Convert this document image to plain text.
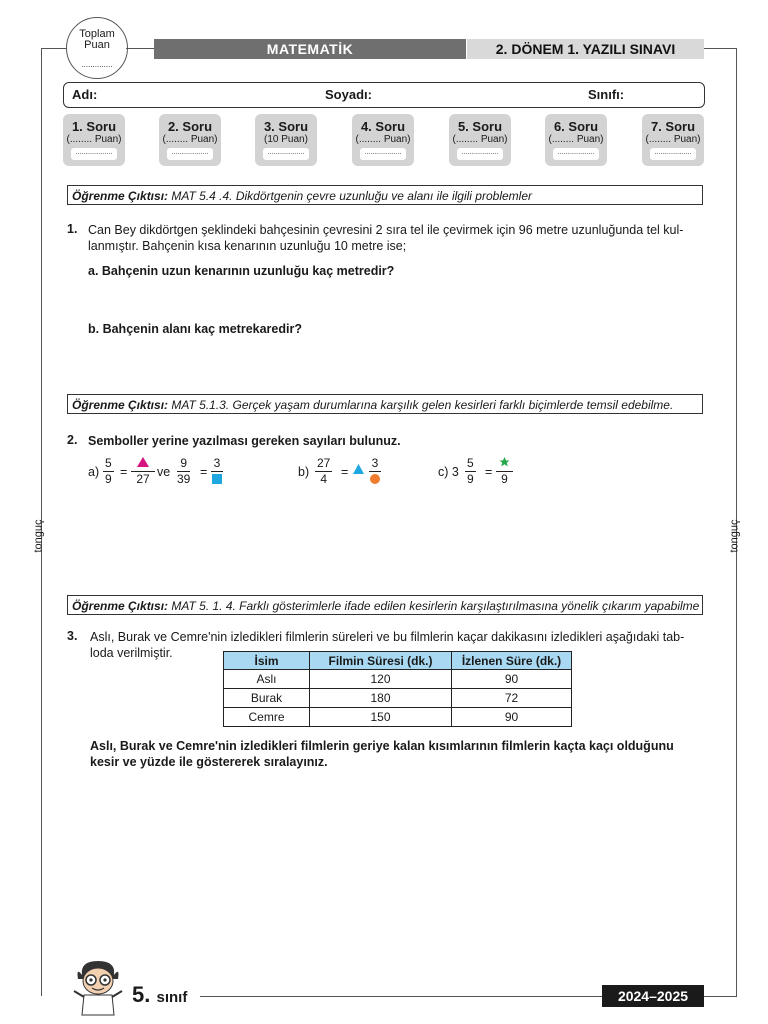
Toplam Puan
..............
MATEMATİK	2. DÖNEM 1. YAZILI SINAVI
Adı:	Soyadı:	Sınıfı:
1. Soru
(........ Puan)
...................
2. Soru
(........ Puan)
...................
3. Soru
(10 Puan)
...................
4. Soru
(........ Puan)
...................
5. Soru
(........ Puan)
...................
6. Soru
(........ Puan)
...................
7. Soru
(........ Puan)
...................
Öğrenme Çıktısı: MAT 5.4 .4. Dikdörtgenin çevre uzunluğu ve alanı ile ilgili problemler
1. Can Bey dikdörtgen şeklindeki bahçesinin çevresini 2 sıra tel ile çevirmek için 96 metre uzunluğunda tel kul-
lanmıştır. Bahçenin kısa kenarının uzunluğu 10 metre ise;
a. Bahçenin uzun kenarının uzunluğu kaç metredir?
b. Bahçenin alanı kaç metrekaredir?
Öğrenme Çıktısı: MAT 5.1.3. Gerçek yaşam durumlarına karşılık gelen kesirleri farklı biçimlerde temsil edebilme.
2. Semboller yerine yazılması gereken sayıları bulunuz.
$a) \frac{5}{9} = 27$ ve $\frac{9}{39}$ =
3
$b) \frac{27}{4}$ =
3
c) $3 \frac{5}{9} = 9$
tonguç	tonguç
Öğrenme Çıktısı: MAT 5. 1. 4. Farklı gösterimlerle ifade edilen kesirlerin karşılaştırılmasına yönelik çıkarım yapabilme
3. Aslı, Burak ve Cemre'nin izledikleri filmlerin süreleri ve bu filmlerin kaçar dakikasını izledikleri aşağıdaki tab-
loda verilmiştir.
İsim	Filmin Süresi (dk.)	İzlenen Süre (dk.)
Aslı	120	90
Burak	180	72
Cemre	150	90
Aslı, Burak ve Cemre'nin izledikleri filmlerin geriye kalan kısımlarının filmlerin kaçta kaçı olduğunu
kesir ve yüzde ile göstererek sıralayınız.
5. sınıf	2024–2025
